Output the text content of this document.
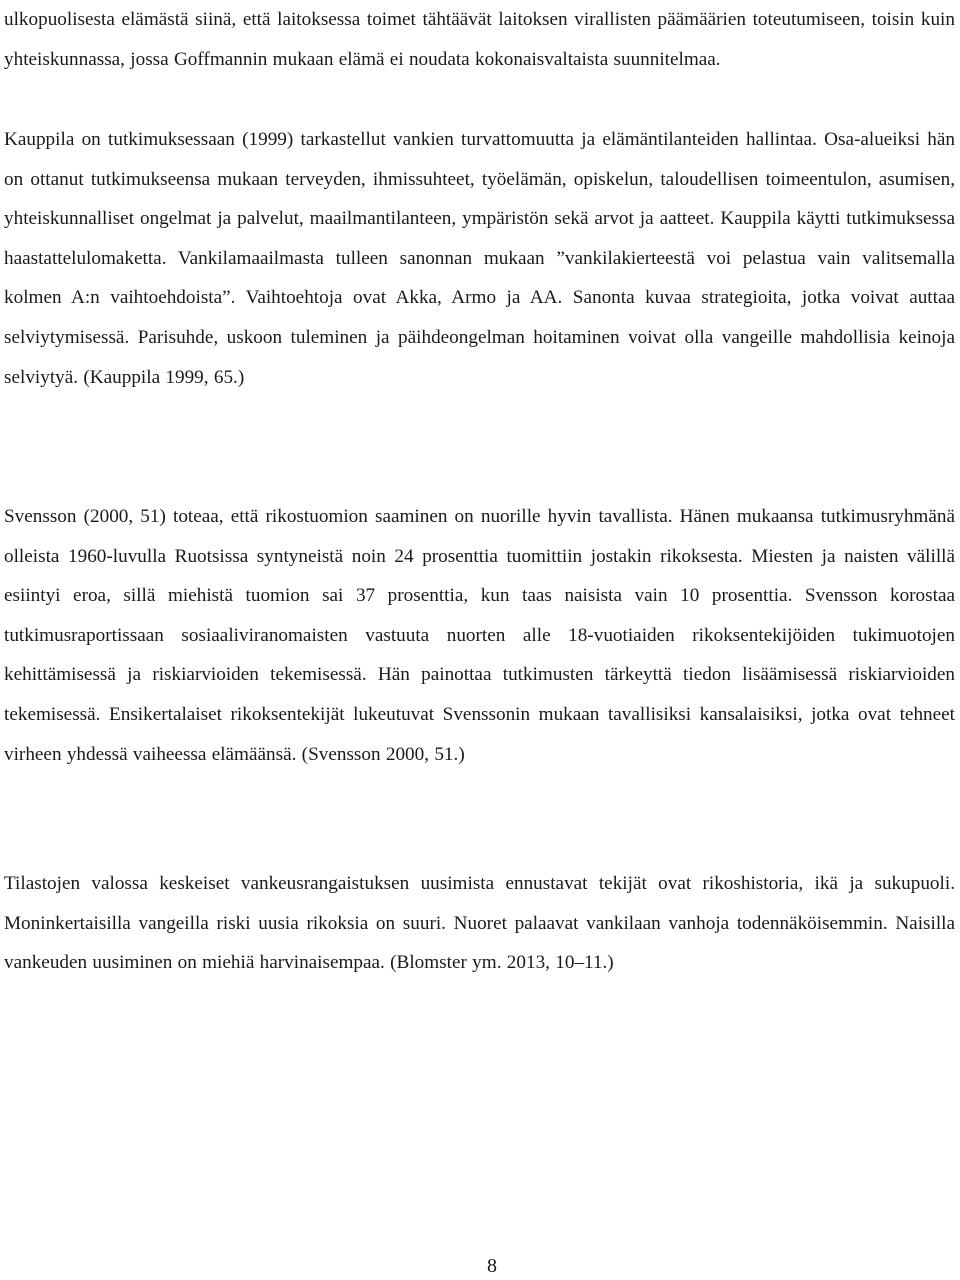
ulkopuolisesta elämästä siinä, että laitoksessa toimet tähtäävät laitoksen virallisten päämäärien toteutumiseen, toisin kuin yhteiskunnassa, jossa Goffmannin mukaan elämä ei noudata kokonaisvaltaista suunnitelmaa.

Kauppila on tutkimuksessaan (1999) tarkastellut vankien turvattomuutta ja elämäntilanteiden hallintaa. Osa-alueiksi hän on ottanut tutkimukseensa mukaan terveyden, ihmissuhteet, työelämän, opiskelun, taloudellisen toimeentulon, asumisen, yhteiskunnalliset ongelmat ja palvelut, maailmantilanteen, ympäristön sekä arvot ja aatteet. Kauppila käytti tutkimuksessa haastattelulomaketta. Vankilamaailmasta tulleen sanonnan mukaan ”vankilakierteestä voi pelastua vain valitsemalla kolmen A:n vaihtoehdoista”. Vaihtoehtoja ovat Akka, Armo ja AA. Sanonta kuvaa strategioita, jotka voivat auttaa selviytymisessä. Parisuhde, uskoon tuleminen ja päihdeongelman hoitaminen voivat olla vangeille mahdollisia keinoja selviytyä. (Kauppila 1999, 65.)

Svensson (2000, 51) toteaa, että rikostuomion saaminen on nuorille hyvin tavallista. Hänen mukaansa tutkimusryhmänä olleista 1960-luvulla Ruotsissa syntyneistä noin 24 prosenttia tuomittiin jostakin rikoksesta. Miesten ja naisten välillä esiintyi eroa, sillä miehistä tuomion sai 37 prosenttia, kun taas naisista vain 10 prosenttia. Svensson korostaa tutkimusraportissaan sosiaaliviranomaisten vastuuta nuorten alle 18-vuotiaiden rikoksentekijöiden tukimuotojen kehittämisessä ja riskiarvioiden tekemisessä. Hän painottaa tutkimusten tärkeyttä tiedon lisäämisessä riskiarvioiden tekemisessä. Ensikertalaiset rikoksentekijät lukeutuvat Svenssonin mukaan tavallisiksi kansalaisiksi, jotka ovat tehneet virheen yhdessä vaiheessa elämäänsä. (Svensson 2000, 51.)

Tilastojen valossa keskeiset vankeusrangaistuksen uusimista ennustavat tekijät ovat rikoshistoria, ikä ja sukupuoli. Moninkertaisilla vangeilla riski uusia rikoksia on suuri. Nuoret palaavat vankilaan vanhoja todennäköisemmin. Naisilla vankeuden uusiminen on miehiä harvinaisempaa. (Blomster ym. 2013, 10–11.)

8
